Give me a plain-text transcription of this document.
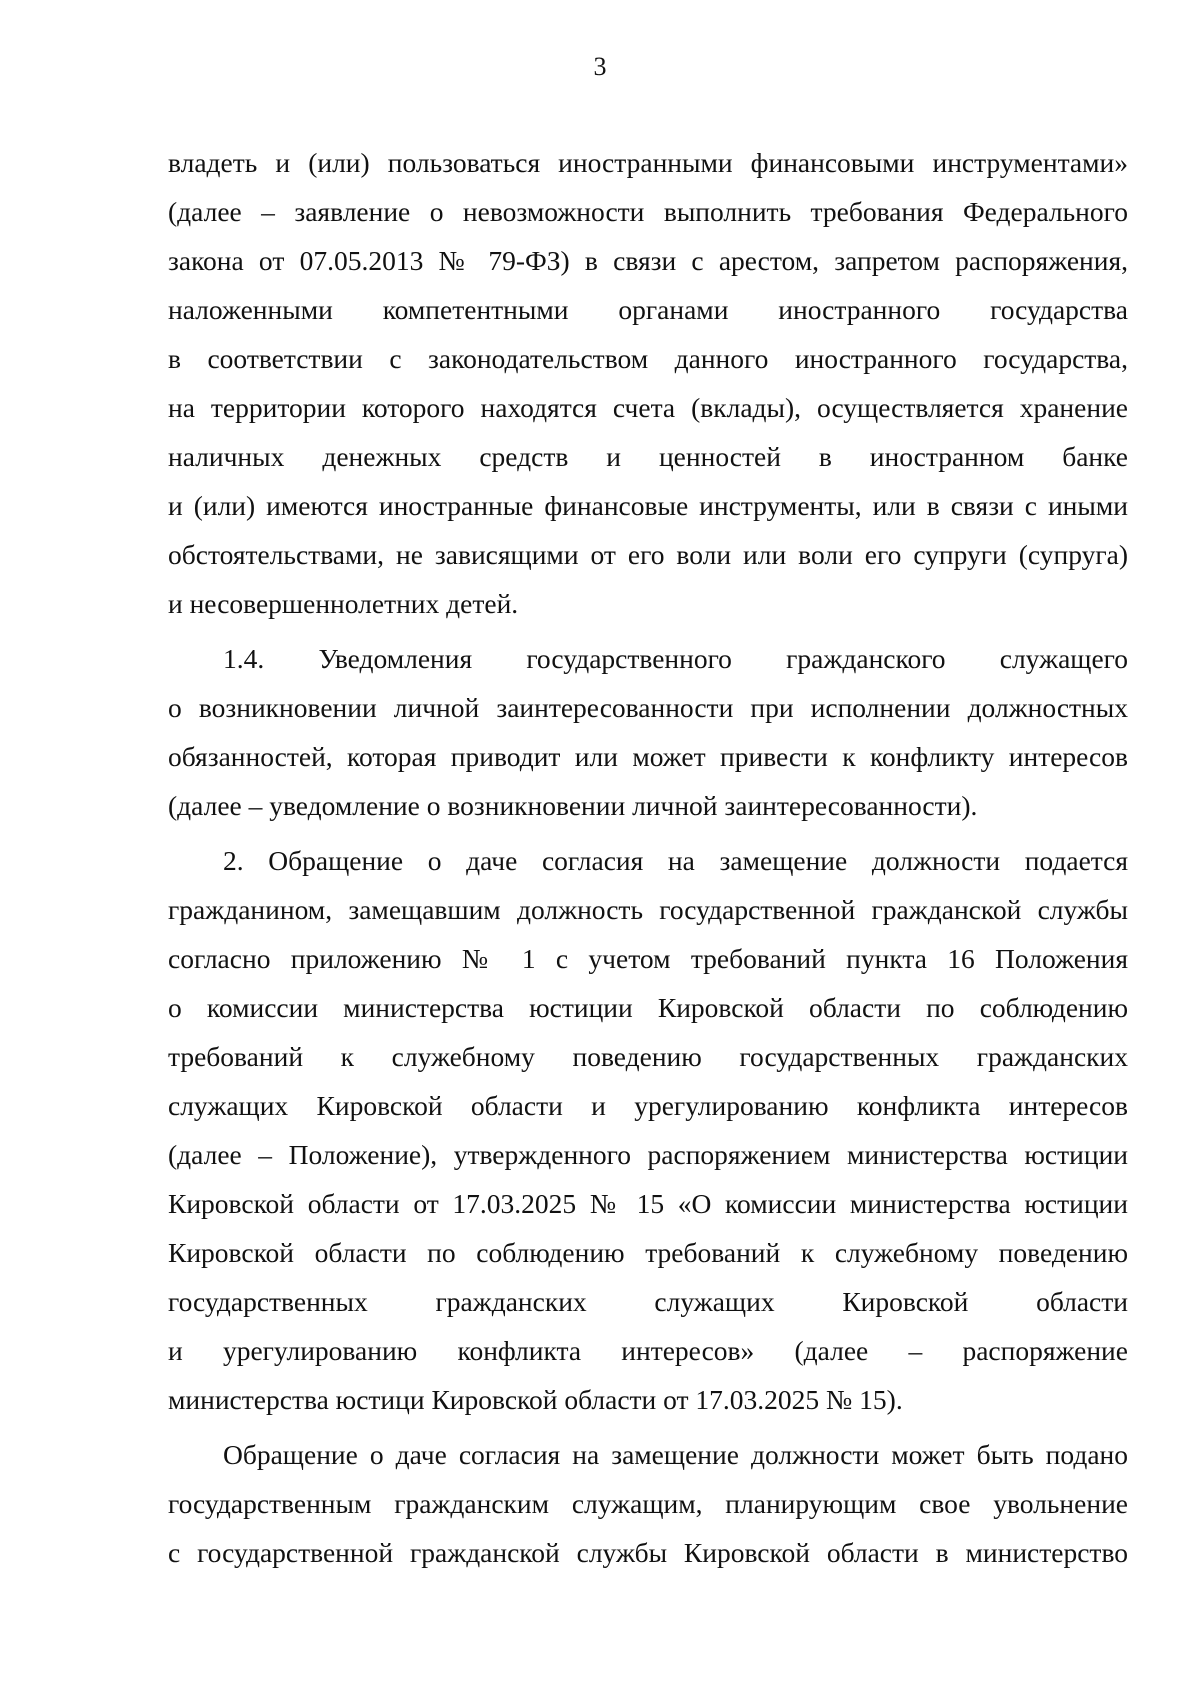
3
владеть и (или) пользоваться иностранными финансовыми инструментами»
(далее – заявление о невозможности выполнить требования Федерального
закона от 07.05.2013 № 79-ФЗ) в связи с арестом, запретом распоряжения,
наложенными компетентными органами иностранного государства
в соответствии с законодательством данного иностранного государства,
на территории которого находятся счета (вклады), осуществляется хранение
наличных денежных средств и ценностей в иностранном банке
и (или) имеются иностранные финансовые инструменты, или в связи с иными
обстоятельствами, не зависящими от его воли или воли его супруги (супруга)
и несовершеннолетних детей.
1.4. Уведомления государственного гражданского служащего
о возникновении личной заинтересованности при исполнении должностных
обязанностей, которая приводит или может привести к конфликту интересов
(далее – уведомление о возникновении личной заинтересованности).
2. Обращение о даче согласия на замещение должности подается
гражданином, замещавшим должность государственной гражданской службы
согласно приложению № 1 с учетом требований пункта 16 Положения
о комиссии министерства юстиции Кировской области по соблюдению
требований к служебному поведению государственных гражданских
служащих Кировской области и урегулированию конфликта интересов
(далее – Положение), утвержденного распоряжением министерства юстиции
Кировской области от 17.03.2025 № 15 «О комиссии министерства юстиции
Кировской области по соблюдению требований к служебному поведению
государственных гражданских служащих Кировской области
и урегулированию конфликта интересов» (далее – распоряжение
министерства юстици Кировской области от 17.03.2025 № 15).
Обращение о даче согласия на замещение должности может быть подано
государственным гражданским служащим, планирующим свое увольнение
с государственной гражданской службы Кировской области в министерство
